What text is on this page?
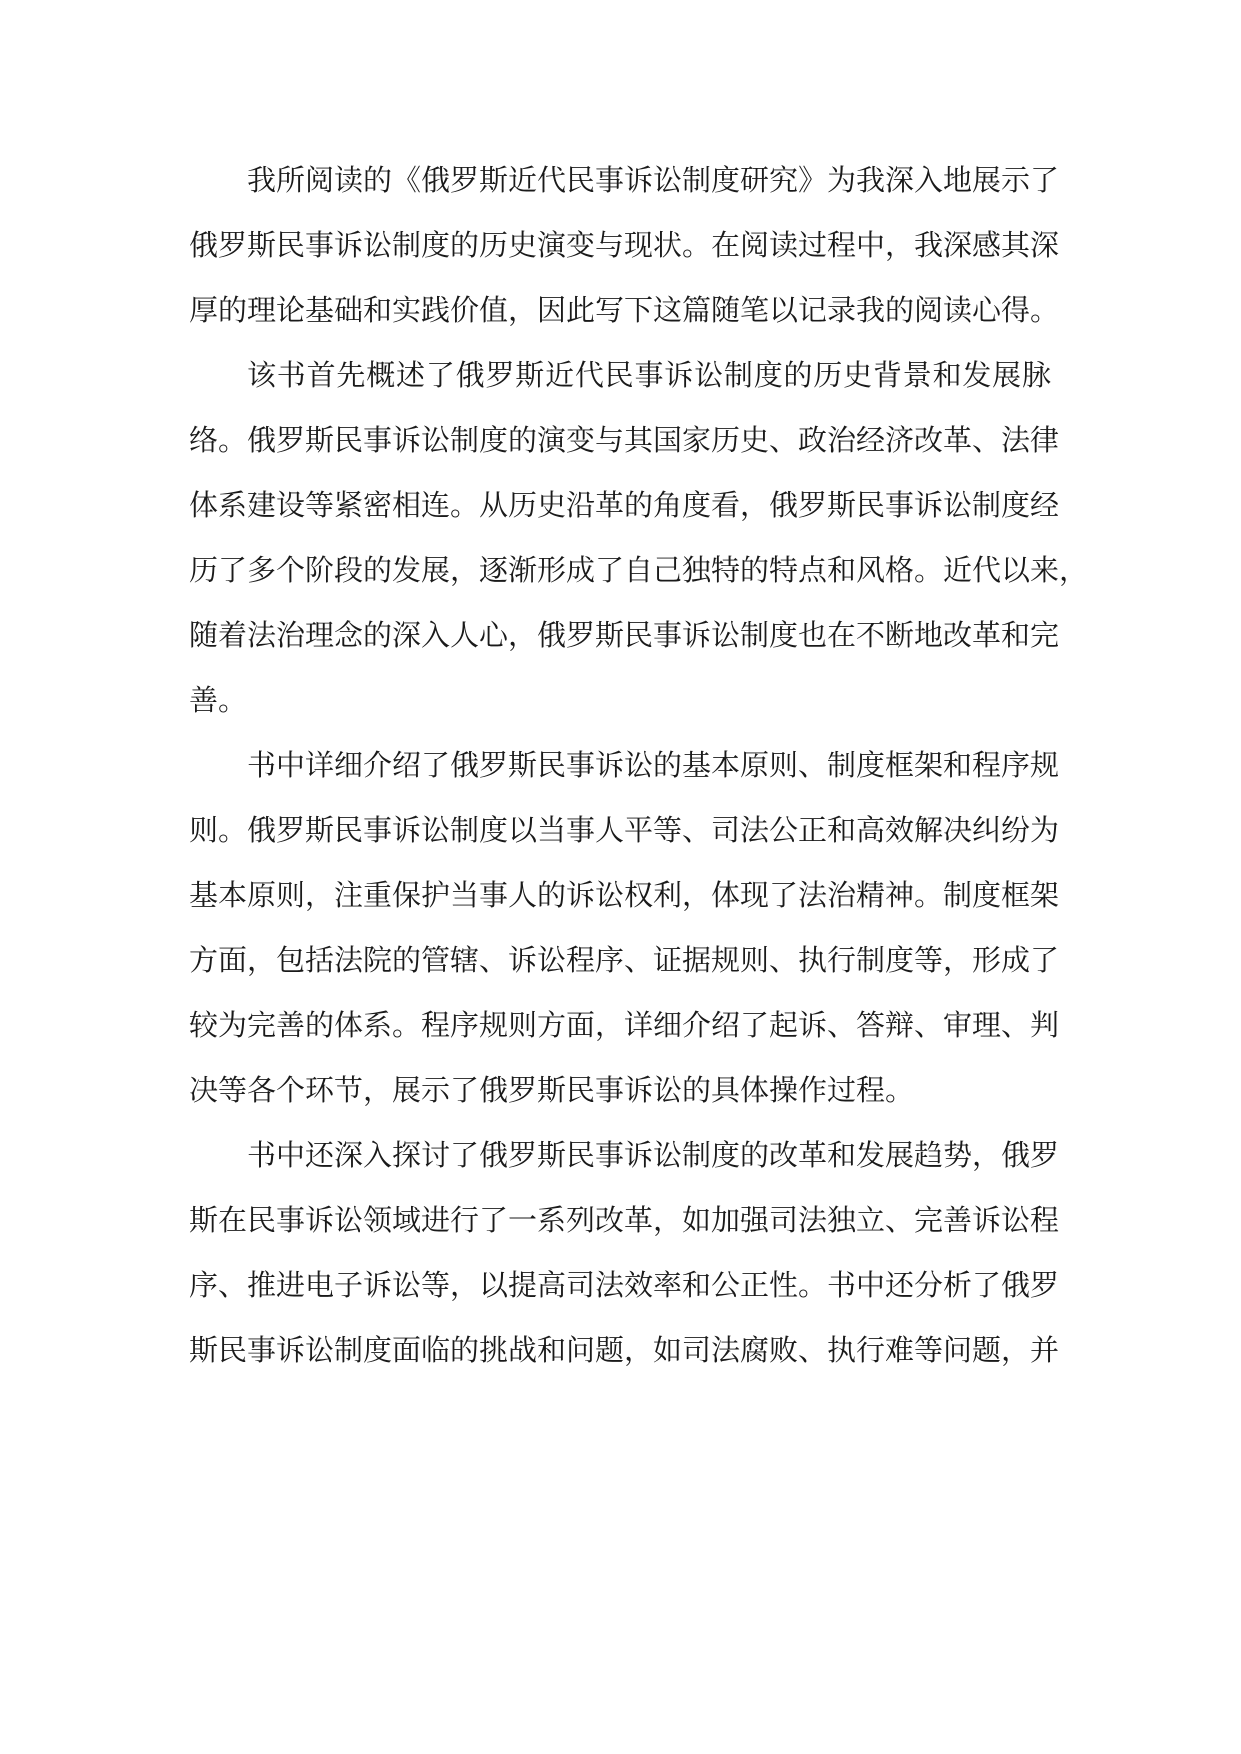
我所阅读的《俄罗斯近代民事诉讼制度研究》为我深入地展示了
俄罗斯民事诉讼制度的历史演变与现状。在阅读过程中，我深感其深
厚的理论基础和实践价值，因此写下这篇随笔以记录我的阅读心得。
该书首先概述了俄罗斯近代民事诉讼制度的历史背景和发展脉
络。俄罗斯民事诉讼制度的演变与其国家历史、政治经济改革、法律
体系建设等紧密相连。从历史沿革的角度看，俄罗斯民事诉讼制度经
历了多个阶段的发展，逐渐形成了自己独特的特点和风格。近代以来，
随着法治理念的深入人心，俄罗斯民事诉讼制度也在不断地改革和完
善。
书中详细介绍了俄罗斯民事诉讼的基本原则、制度框架和程序规
则。俄罗斯民事诉讼制度以当事人平等、司法公正和高效解决纠纷为
基本原则，注重保护当事人的诉讼权利，体现了法治精神。制度框架
方面，包括法院的管辖、诉讼程序、证据规则、执行制度等，形成了
较为完善的体系。程序规则方面，详细介绍了起诉、答辩、审理、判
决等各个环节，展示了俄罗斯民事诉讼的具体操作过程。
书中还深入探讨了俄罗斯民事诉讼制度的改革和发展趋势，俄罗
斯在民事诉讼领域进行了一系列改革，如加强司法独立、完善诉讼程
序、推进电子诉讼等，以提高司法效率和公正性。书中还分析了俄罗
斯民事诉讼制度面临的挑战和问题，如司法腐败、执行难等问题，并
